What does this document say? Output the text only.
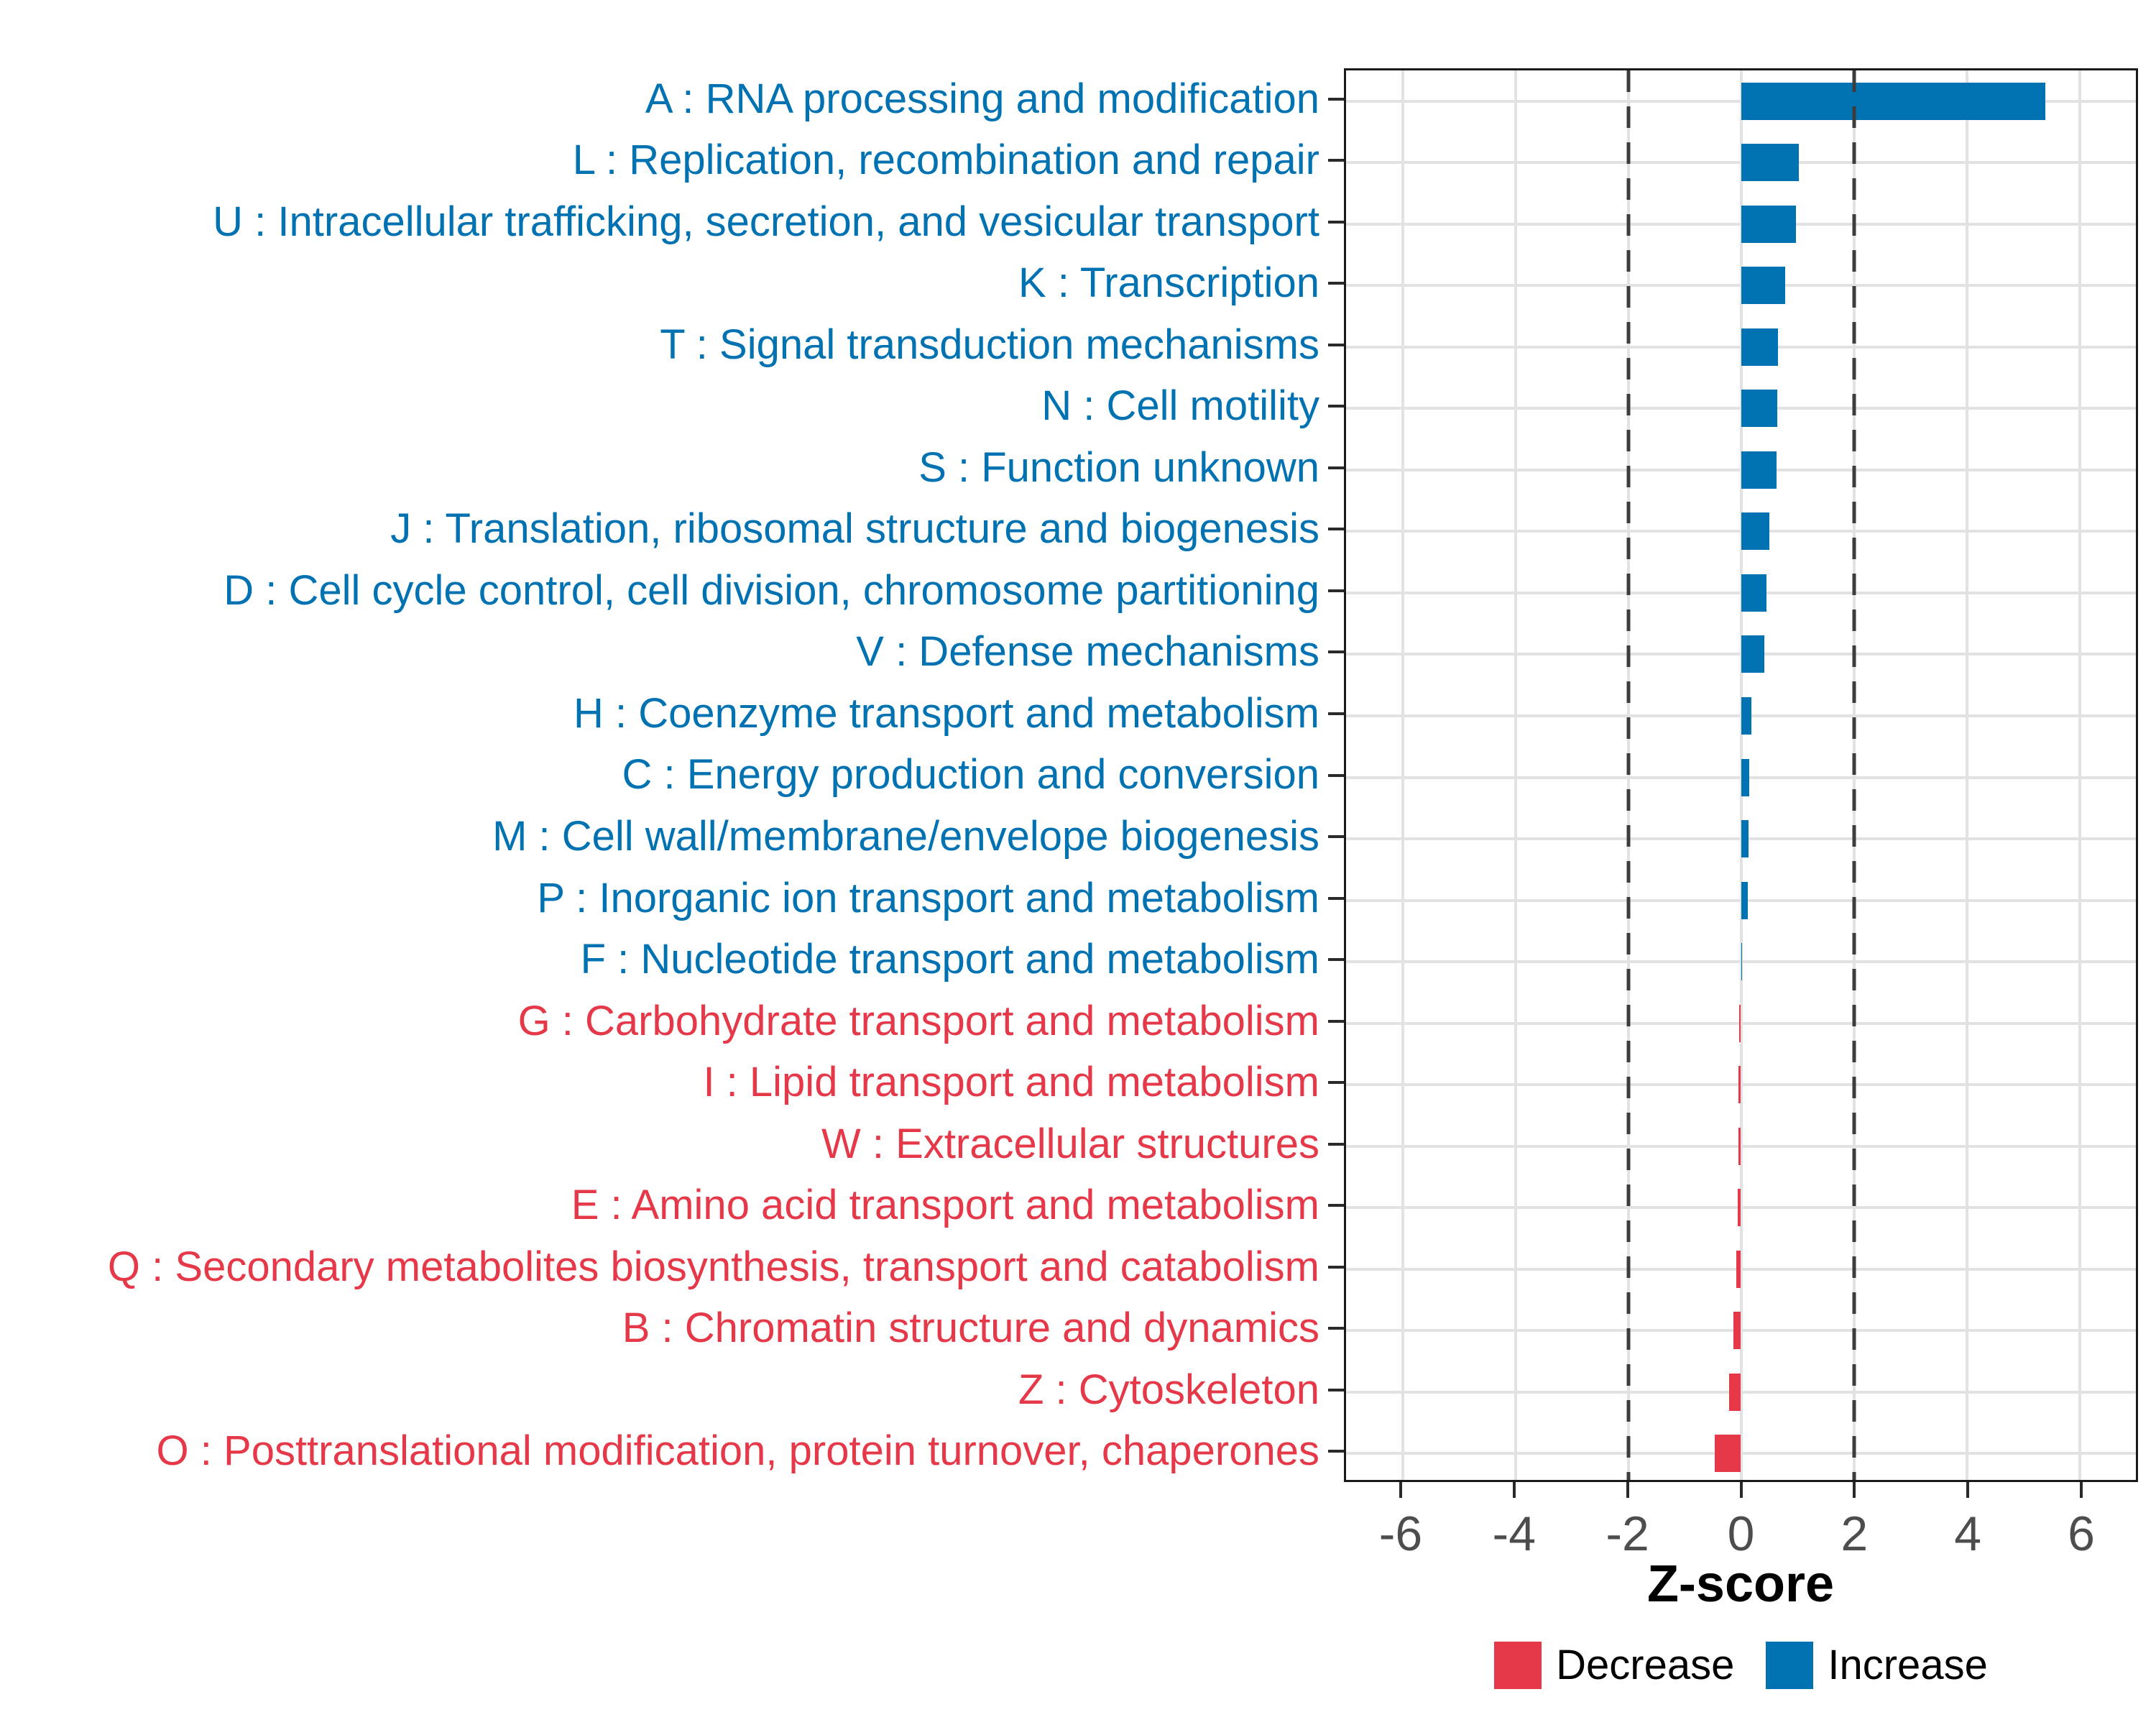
A : RNA processing and modification
L : Replication, recombination and repair
U : Intracellular trafficking, secretion, and vesicular transport
K : Transcription
T : Signal transduction mechanisms
N : Cell motility
S : Function unknown
J : Translation, ribosomal structure and biogenesis
D : Cell cycle control, cell division, chromosome partitioning
V : Defense mechanisms
H : Coenzyme transport and metabolism
C : Energy production and conversion
M : Cell wall/membrane/envelope biogenesis
P : Inorganic ion transport and metabolism
F : Nucleotide transport and metabolism
G : Carbohydrate transport and metabolism
I : Lipid transport and metabolism
W : Extracellular structures
E : Amino acid transport and metabolism
Q : Secondary metabolites biosynthesis, transport and catabolism
B : Chromatin structure and dynamics
Z : Cytoskeleton
O : Posttranslational modification, protein turnover, chaperones
-6 -4 -2 0 2 4 6
Z-score
Decrease Increase
